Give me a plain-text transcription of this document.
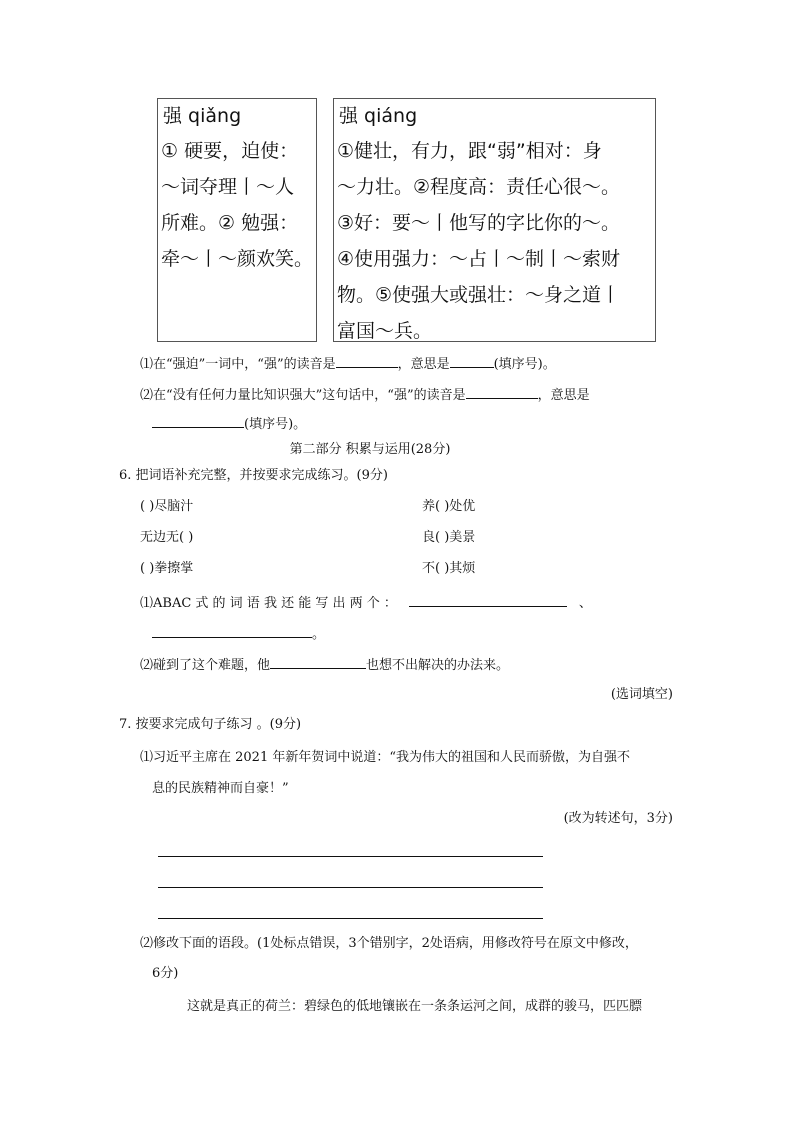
强 qiǎng
① 硬要，迫使：
～词夺理丨～人
所难。② 勉强：
牵～丨～颜欢笑。
强 qiáng
①健壮，有力，跟“弱”相对：身
～力壮。②程度高：责任心很～。
③好：要～丨他写的字比你的～。
④使用强力：～占丨～制丨～索财
物。⑤使强大或强壮：～身之道丨
富国～兵。
⑴在“强迫”一词中，“强”的读音是	，意思是	(填序号)。
⑵在“没有任何力量比知识强大”这句话中，“强”的读音是	，意思是
(填序号)。
第二部分 积累与运用(28分)
6. 把词语补充完整，并按要求完成练习。(9分)
( )尽脑汁	养( )处优
无边无( )	良( )美景
( )拳擦掌	不( )其烦
⑴ABAC 式 的 词 语 我 还 能 写 出 两 个 ：	、
。
⑵碰到了这个难题，他	也想不出解决的办法来。
(选词填空)
7. 按要求完成句子练习 。(9分)
⑴习近平主席在 2021 年新年贺词中说道：“我为伟大的祖国和人民而骄傲，为自强不
息的民族精神而自豪！”
(改为转述句，3分)
⑵修改下面的语段。(1处标点错误，3个错别字，2处语病，用修改符号在原文中修改，
6分)
这就是真正的荷兰：碧绿色的低地镶嵌在一条条运河之间，成群的骏马，匹匹膘
